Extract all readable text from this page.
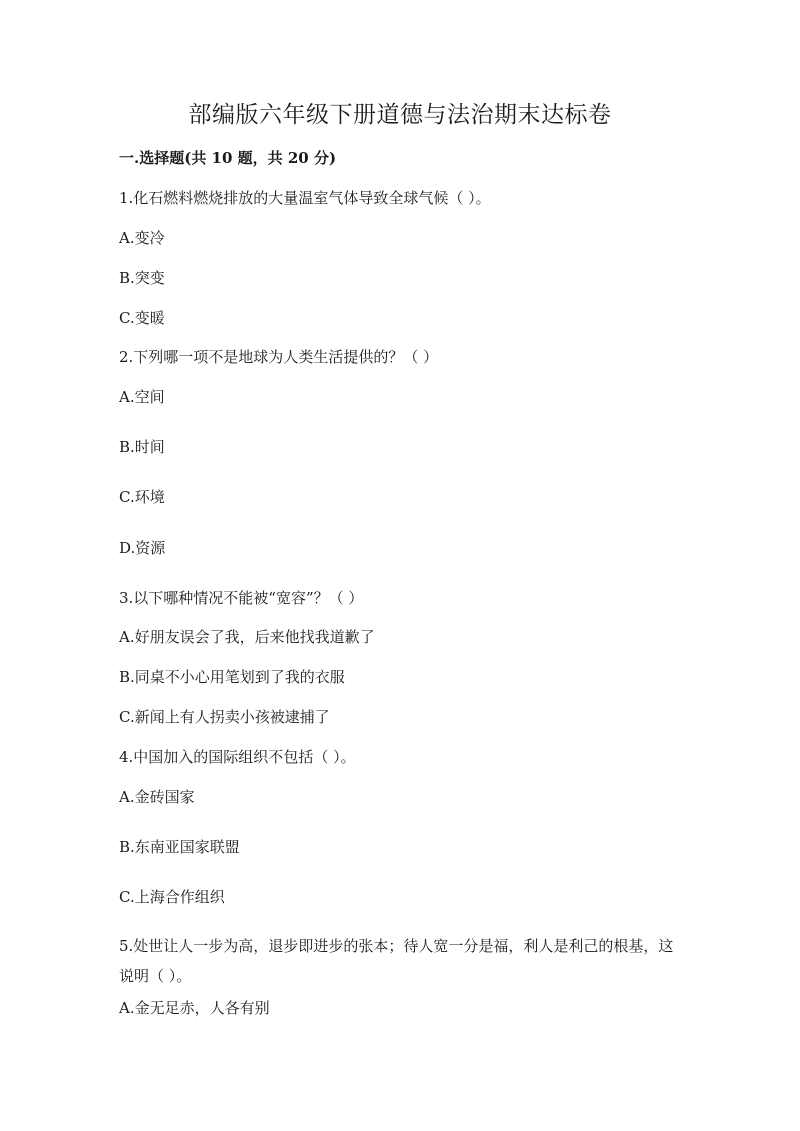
部编版六年级下册道德与法治期末达标卷
一.选择题(共 10 题，共 20 分)
1.化石燃料燃烧排放的大量温室气体导致全球气候（ ）。
A.变冷
B.突变
C.变暖
2.下列哪一项不是地球为人类生活提供的？（ ）
A.空间
B.时间
C.环境
D.资源
3.以下哪种情况不能被“宽容”？（ ）
A.好朋友误会了我，后来他找我道歉了
B.同桌不小心用笔划到了我的衣服
C.新闻上有人拐卖小孩被逮捕了
4.中国加入的国际组织不包括（ ）。
A.金砖国家
B.东南亚国家联盟
C.上海合作组织
5.处世让人一步为高，退步即进步的张本；待人宽一分是福，利人是利己的根基，这说明（ ）。
A.金无足赤，人各有别
